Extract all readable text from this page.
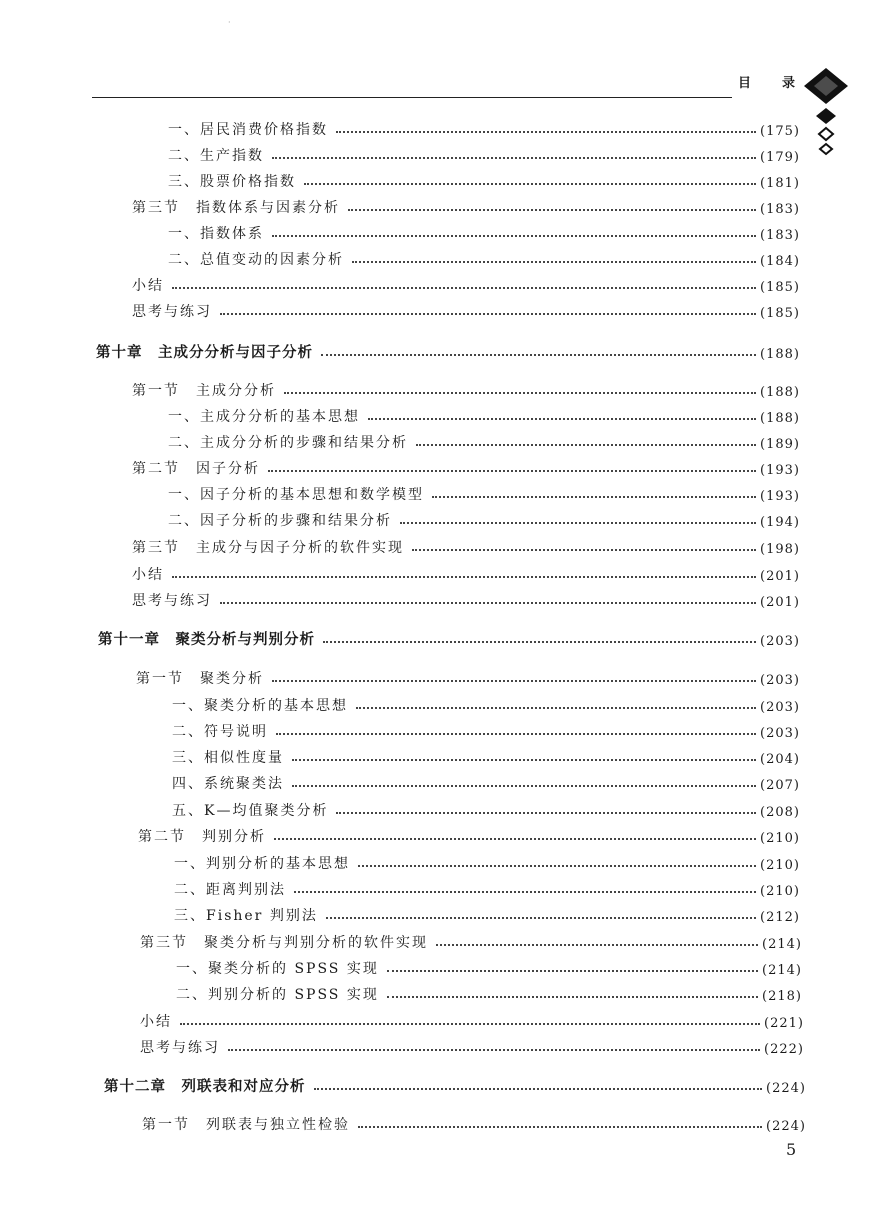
·
目 录
一、居民消费价格指数	(175)
二、生产指数	(179)
三、股票价格指数	(181)
第三节　指数体系与因素分析	(183)
一、指数体系	(183)
二、总值变动的因素分析	(184)
小结	(185)
思考与练习	(185)
第十章　主成分分析与因子分析	(188)
第一节　主成分分析	(188)
一、主成分分析的基本思想	(188)
二、主成分分析的步骤和结果分析	(189)
第二节　因子分析	(193)
一、因子分析的基本思想和数学模型	(193)
二、因子分析的步骤和结果分析	(194)
第三节　主成分与因子分析的软件实现	(198)
小结	(201)
思考与练习	(201)
第十一章　聚类分析与判别分析	(203)
第一节　聚类分析	(203)
一、聚类分析的基本思想	(203)
二、符号说明	(203)
三、相似性度量	(204)
四、系统聚类法	(207)
五、K—均值聚类分析	(208)
第二节　判别分析	(210)
一、判别分析的基本思想	(210)
二、距离判别法	(210)
三、Fisher 判别法	(212)
第三节　聚类分析与判别分析的软件实现	(214)
一、聚类分析的 SPSS 实现	(214)
二、判别分析的 SPSS 实现	(218)
小结	(221)
思考与练习	(222)
第十二章　列联表和对应分析	(224)
第一节　列联表与独立性检验	(224)
5
